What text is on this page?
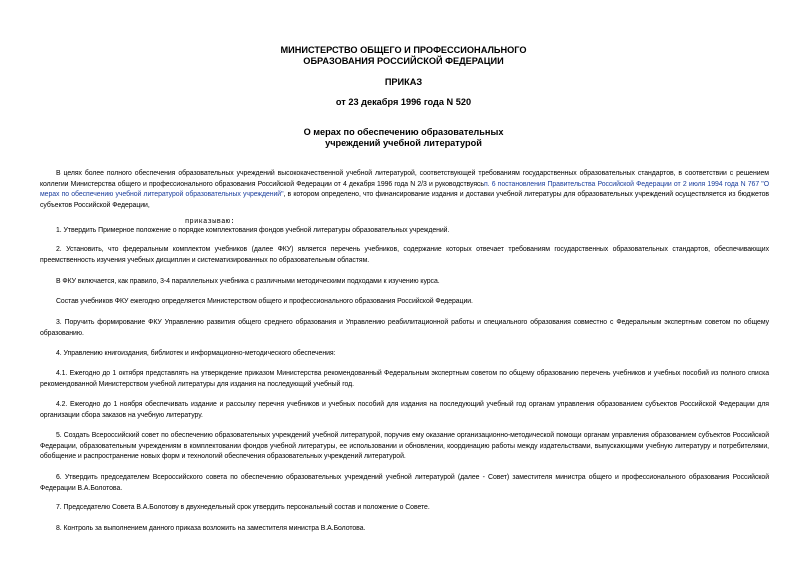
МИНИСТЕРСТВО ОБЩЕГО И ПРОФЕССИОНАЛЬНОГО
ОБРАЗОВАНИЯ РОССИЙСКОЙ ФЕДЕРАЦИИ
ПРИКАЗ
от 23 декабря 1996 года N 520
О мерах по обеспечению образовательных
учреждений учебной литературой
В целях более полного обеспечения образовательных учреждений высококачественной учебной литературой, соответствующей требованиям государственных образовательных стандартов, в соответствии с решением коллегии Министерства общего и профессионального образования Российской Федерации от 4 декабря 1996 года N 2/3 и руководствуясьп. 6 постановления Правительства Российской Федерации от 2 июля 1994 года N 767 "О мерах по обеспечению учебной литературой образовательных учреждений", в котором определено, что финансирование издания и доставки учебной литературы для образовательных учреждений осуществляется из бюджетов субъектов Российской Федерации,
приказываю:
1. Утвердить Примерное положение о порядке комплектования фондов учебной литературы образовательных учреждений.
2. Установить, что федеральным комплектом учебников (далее ФКУ) является перечень учебников, содержание которых отвечает требованиям государственных образовательных стандартов, обеспечивающих преемственность изучения учебных дисциплин и систематизированных по образовательным областям.
В ФКУ включается, как правило, 3-4 параллельных учебника с различными методическими подходами к изучению курса.
Состав учебников ФКУ ежегодно определяется Министерством общего и профессионального образования Российской Федерации.
3. Поручить формирование ФКУ Управлению развития общего среднего образования и Управлению реабилитационной работы и специального образования совместно с Федеральным экспертным советом по общему образованию.
4. Управлению книгоиздания, библиотек и информационно-методического обеспечения:
4.1. Ежегодно до 1 октября представлять на утверждение приказом Министерства рекомендованный Федеральным экспертным советом по общему образованию перечень учебников и учебных пособий из полного списка рекомендованной Министерством учебной литературы для издания на последующий учебный год.
4.2. Ежегодно до 1 ноября обеспечивать издание и рассылку перечня учебников и учебных пособий для издания на последующий учебный год органам управления образованием субъектов Российской Федерации для организации сбора заказов на учебную литературу.
5. Создать Всероссийский совет по обеспечению образовательных учреждений учебной литературой, поручив ему оказание организационно-методической помощи органам управления образованием субъектов Российской Федерации, образовательным учреждениям в комплектовании фондов учебной литературы, ее использовании и обновлении, координацию работы между издательствами, выпускающими учебную литературу и потребителями, обобщение и распространение новых форм и технологий обеспечения образовательных учреждений литературой.
6. Утвердить председателем Всероссийского совета по обеспечению образовательных учреждений учебной литературой (далее - Совет) заместителя министра общего и профессионального образования Российской Федерации В.А.Болотова.
7. Председателю Совета В.А.Болотову в двухнедельный срок утвердить персональный состав и положение о Совете.
8. Контроль за выполнением данного приказа возложить на заместителя министра В.А.Болотова.
